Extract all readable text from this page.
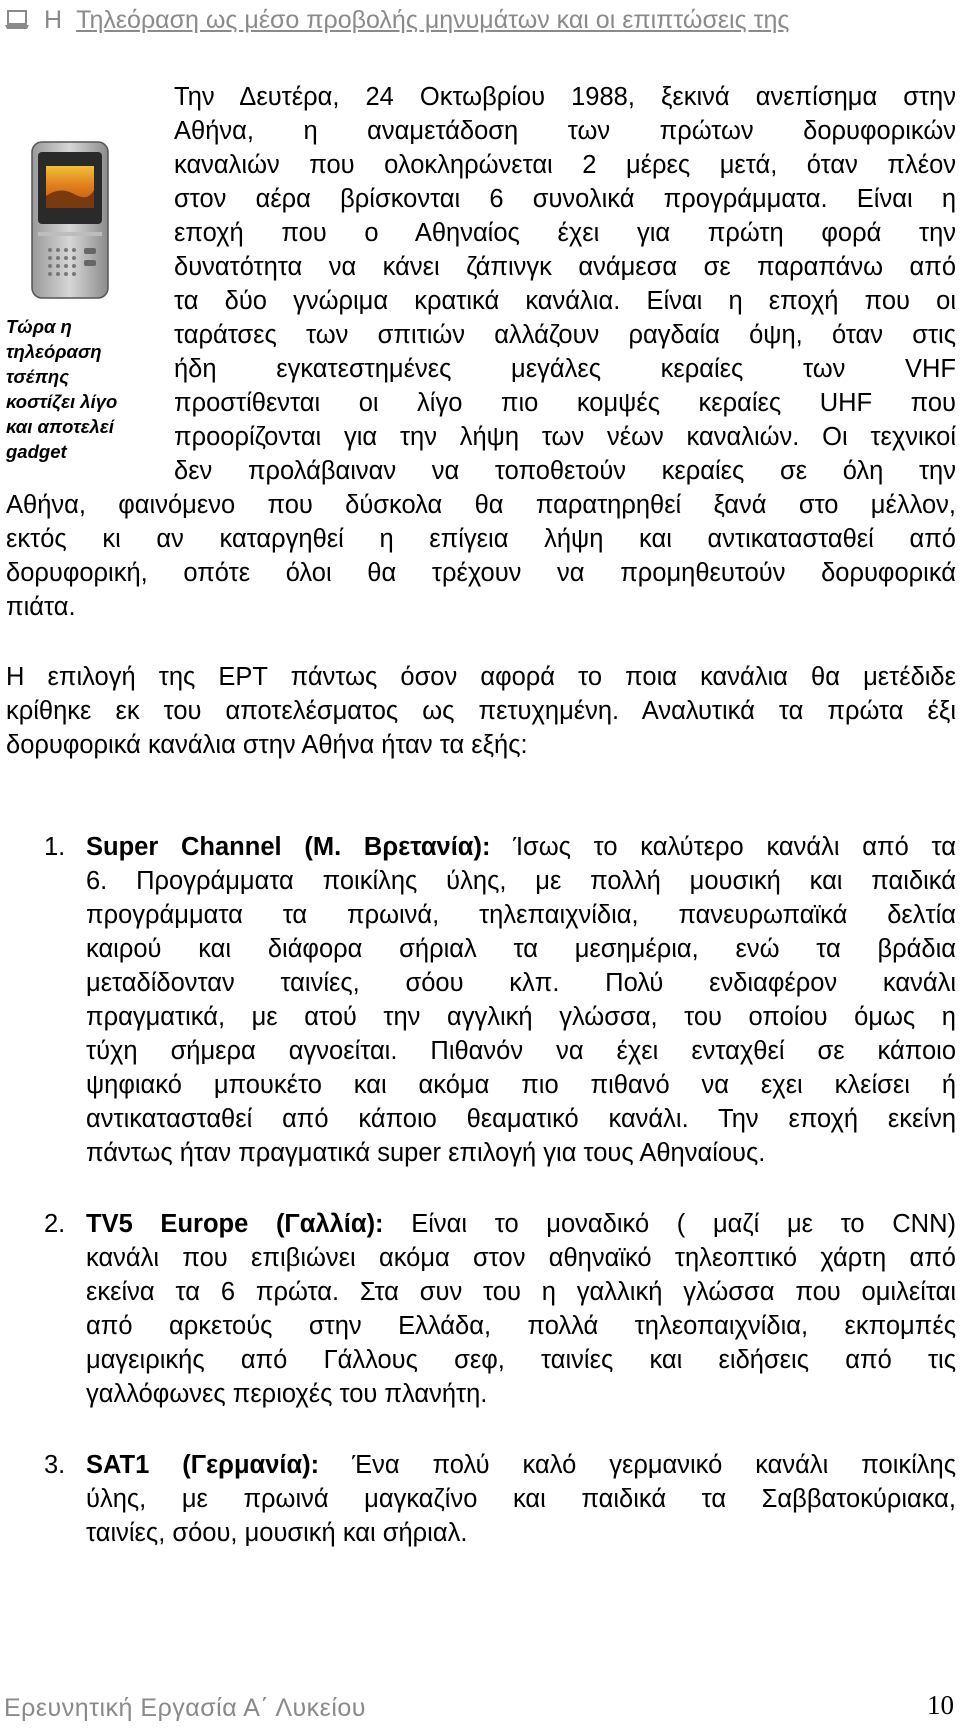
Η Τηλεόραση ως μέσο προβολής μηνυμάτων και οι επιπτώσεις της
Τώρα η
τηλεόραση
τσέπης
κοστίζει λίγο
και αποτελεί
gadget
Την Δευτέρα, 24 Οκτωβρίου 1988, ξεκινά ανεπίσημα στην
Αθήνα, η αναμετάδοση των πρώτων δορυφορικών
καναλιών που ολοκληρώνεται 2 μέρες μετά, όταν πλέον
στον αέρα βρίσκονται 6 συνολικά προγράμματα. Είναι η
εποχή που ο Αθηναίος έχει για πρώτη φορά την
δυνατότητα να κάνει ζάπινγκ ανάμεσα σε παραπάνω από
τα δύο γνώριμα κρατικά κανάλια. Είναι η εποχή που οι
ταράτσες των σπιτιών αλλάζουν ραγδαία όψη, όταν στις
ήδη εγκατεστημένες μεγάλες κεραίες των VHF
προστίθενται οι λίγο πιο κομψές κεραίες UHF που
προορίζονται για την λήψη των νέων καναλιών. Οι τεχνικοί
δεν προλάβαιναν να τοποθετούν κεραίες σε όλη την
Αθήνα, φαινόμενο που δύσκολα θα παρατηρηθεί ξανά στο μέλλον,
εκτός κι αν καταργηθεί η επίγεια λήψη και αντικατασταθεί από
δορυφορική, οπότε όλοι θα τρέχουν να προμηθευτούν δορυφορικά
πιάτα.
Η επιλογή της ΕΡΤ πάντως όσον αφορά το ποια κανάλια θα μετέδιδε
κρίθηκε εκ του αποτελέσματος ως πετυχημένη. Αναλυτικά τα πρώτα έξι
δορυφορικά κανάλια στην Αθήνα ήταν τα εξής:
1. Super Channel (Μ. Βρετανία): Ίσως το καλύτερο κανάλι από τα
6. Προγράμματα ποικίλης ύλης, με πολλή μουσική και παιδικά
προγράμματα τα πρωινά, τηλεπαιχνίδια, πανευρωπαϊκά δελτία
καιρού και διάφορα σήριαλ τα μεσημέρια, ενώ τα βράδια
μεταδίδονταν ταινίες, σόου κλπ. Πολύ ενδιαφέρον κανάλι
πραγματικά, με ατού την αγγλική γλώσσα, του οποίου όμως η
τύχη σήμερα αγνοείται. Πιθανόν να έχει ενταχθεί σε κάποιο
ψηφιακό μπουκέτο και ακόμα πιο πιθανό να εχει κλείσει ή
αντικατασταθεί από κάποιο θεαματικό κανάλι. Την εποχή εκείνη
πάντως ήταν πραγματικά super επιλογή για τους Αθηναίους.
2. TV5 Europe (Γαλλία): Είναι το μοναδικό ( μαζί με το CNN)
κανάλι που επιβιώνει ακόμα στον αθηναϊκό τηλεοπτικό χάρτη από
εκείνα τα 6 πρώτα. Στα συν του η γαλλική γλώσσα που ομιλείται
από αρκετούς στην Ελλάδα, πολλά τηλεοπαιχνίδια, εκπομπές
μαγειρικής από Γάλλους σεφ, ταινίες και ειδήσεις από τις
γαλλόφωνες περιοχές του πλανήτη.
3. SAT1 (Γερμανία): Ένα πολύ καλό γερμανικό κανάλι ποικίλης
ύλης, με πρωινά μαγκαζίνο και παιδικά τα Σαββατοκύριακα,
ταινίες, σόου, μουσική και σήριαλ.
Ερευνητική Εργασία Α΄ Λυκείου	10
